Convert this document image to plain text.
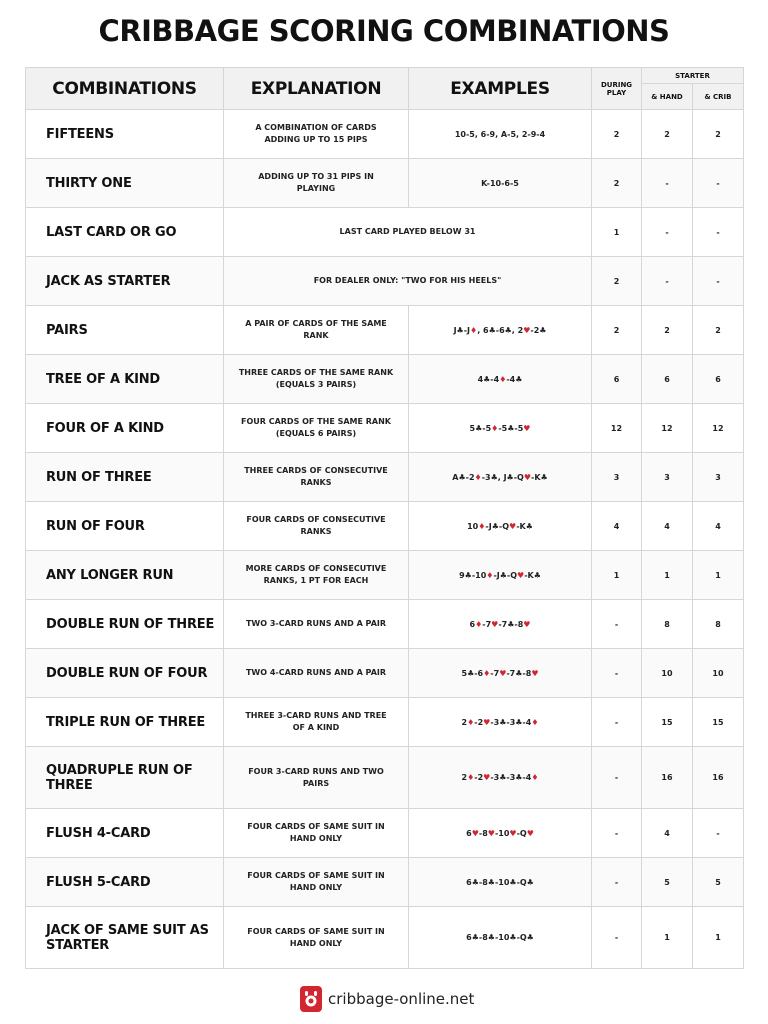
CRIBBAGE SCORING COMBINATIONS
COMBINATIONS	EXPLANATION	EXAMPLES	DURING PLAY	STARTER	
				& HAND	& CRIB
FIFTEENS	A COMBINATION OF CARDS ADDING UP TO 15 PIPS	10-5, 6-9, A-5, 2-9-4	2	2	2
THIRTY ONE	ADDING UP TO 31 PIPS IN PLAYING	K-10-6-5	2	-	-
LAST CARD OR GO	LAST CARD PLAYED BELOW 31		1	-	-
JACK AS STARTER	FOR DEALER ONLY: "TWO FOR HIS HEELS"		2	-	-
PAIRS	A PAIR OF CARDS OF THE SAME RANK	J♣-J♦, 6♣-6♣, 2♥-2♣	2	2	2
TREE OF A KIND	THREE CARDS OF THE SAME RANK (EQUALS 3 PAIRS)	4♣-4♦-4♣	6	6	6
FOUR OF A KIND	FOUR CARDS OF THE SAME RANK (EQUALS 6 PAIRS)	5♣-5♦-5♣-5♥	12	12	12
RUN OF THREE	THREE CARDS OF CONSECUTIVE RANKS	A♣-2♦-3♣, J♣-Q♥-K♣	3	3	3
RUN OF FOUR	FOUR CARDS OF CONSECUTIVE RANKS	10♦-J♣-Q♥-K♣	4	4	4
ANY LONGER RUN	MORE CARDS OF CONSECUTIVE RANKS, 1 PT FOR EACH	9♣-10♦-J♣-Q♥-K♣	1	1	1
DOUBLE RUN OF THREE	TWO 3-CARD RUNS AND A PAIR	6♦-7♥-7♣-8♥	-	8	8
DOUBLE RUN OF FOUR	TWO 4-CARD RUNS AND A PAIR	5♣-6♦-7♥-7♣-8♥	-	10	10
TRIPLE RUN OF THREE	THREE 3-CARD RUNS AND TREE OF A KIND	2♦-2♥-3♣-3♣-4♦	-	15	15
QUADRUPLE RUN OF THREE	FOUR 3-CARD RUNS AND TWO PAIRS	2♦-2♥-3♣-3♣-4♦	-	16	16
FLUSH 4-CARD	FOUR CARDS OF SAME SUIT IN HAND ONLY	6♥-8♥-10♥-Q♥	-	4	-
FLUSH 5-CARD	FOUR CARDS OF SAME SUIT IN HAND ONLY	6♣-8♣-10♣-Q♣	-	5	5
JACK OF SAME SUIT AS STARTER	FOUR CARDS OF SAME SUIT IN HAND ONLY	6♣-8♣-10♣-Q♣	-	1	1
cribbage-online.net
